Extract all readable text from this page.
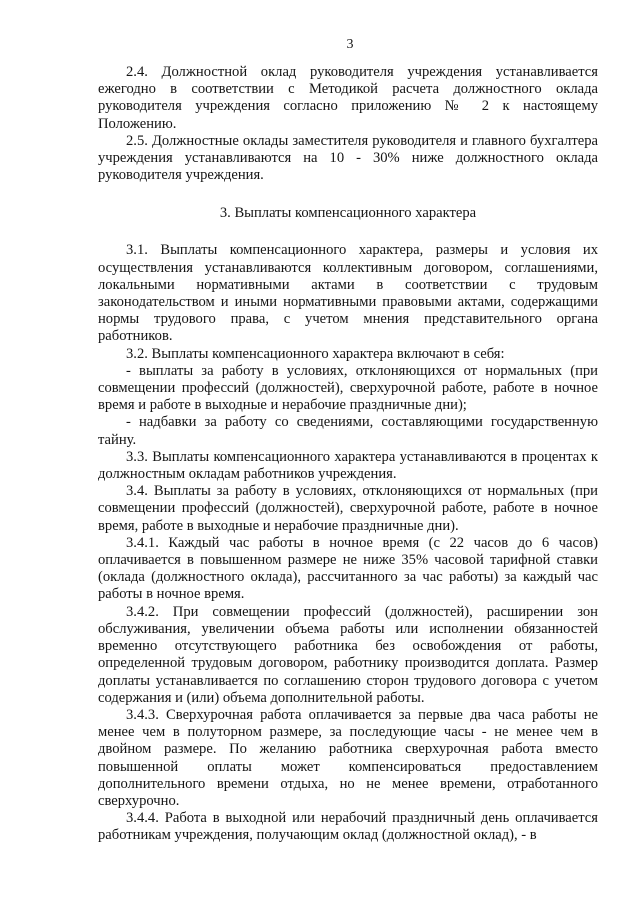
3

2.4. Должностной оклад руководителя учреждения устанавливается ежегодно в соответствии с Методикой расчета должностного оклада руководителя учреждения согласно приложению № 2 к настоящему Положению.

2.5. Должностные оклады заместителя руководителя и главного бухгалтера учреждения устанавливаются на 10 - 30% ниже должностного оклада руководителя учреждения.

3. Выплаты компенсационного характера

3.1. Выплаты компенсационного характера, размеры и условия их осуществления устанавливаются коллективным договором, соглашениями, локальными нормативными актами в соответствии с трудовым законодательством и иными нормативными правовыми актами, содержащими нормы трудового права, с учетом мнения представительного органа работников.

3.2. Выплаты компенсационного характера включают в себя:

- выплаты за работу в условиях, отклоняющихся от нормальных (при совмещении профессий (должностей), сверхурочной работе, работе в ночное время и работе в выходные и нерабочие праздничные дни);

- надбавки за работу со сведениями, составляющими государственную тайну.

3.3. Выплаты компенсационного характера устанавливаются в процентах к должностным окладам работников учреждения.

3.4. Выплаты за работу в условиях, отклоняющихся от нормальных (при совмещении профессий (должностей), сверхурочной работе, работе в ночное время, работе в выходные и нерабочие праздничные дни).

3.4.1. Каждый час работы в ночное время (с 22 часов до 6 часов) оплачивается в повышенном размере не ниже 35% часовой тарифной ставки (оклада (должностного оклада), рассчитанного за час работы) за каждый час работы в ночное время.

3.4.2. При совмещении профессий (должностей), расширении зон обслуживания, увеличении объема работы или исполнении обязанностей временно отсутствующего работника без освобождения от работы, определенной трудовым договором, работнику производится доплата. Размер доплаты устанавливается по соглашению сторон трудового договора с учетом содержания и (или) объема дополнительной работы.

3.4.3. Сверхурочная работа оплачивается за первые два часа работы не менее чем в полуторном размере, за последующие часы - не менее чем в двойном размере. По желанию работника сверхурочная работа вместо повышенной оплаты может компенсироваться предоставлением дополнительного времени отдыха, но не менее времени, отработанного сверхурочно.

3.4.4. Работа в выходной или нерабочий праздничный день оплачивается работникам учреждения, получающим оклад (должностной оклад), - в
